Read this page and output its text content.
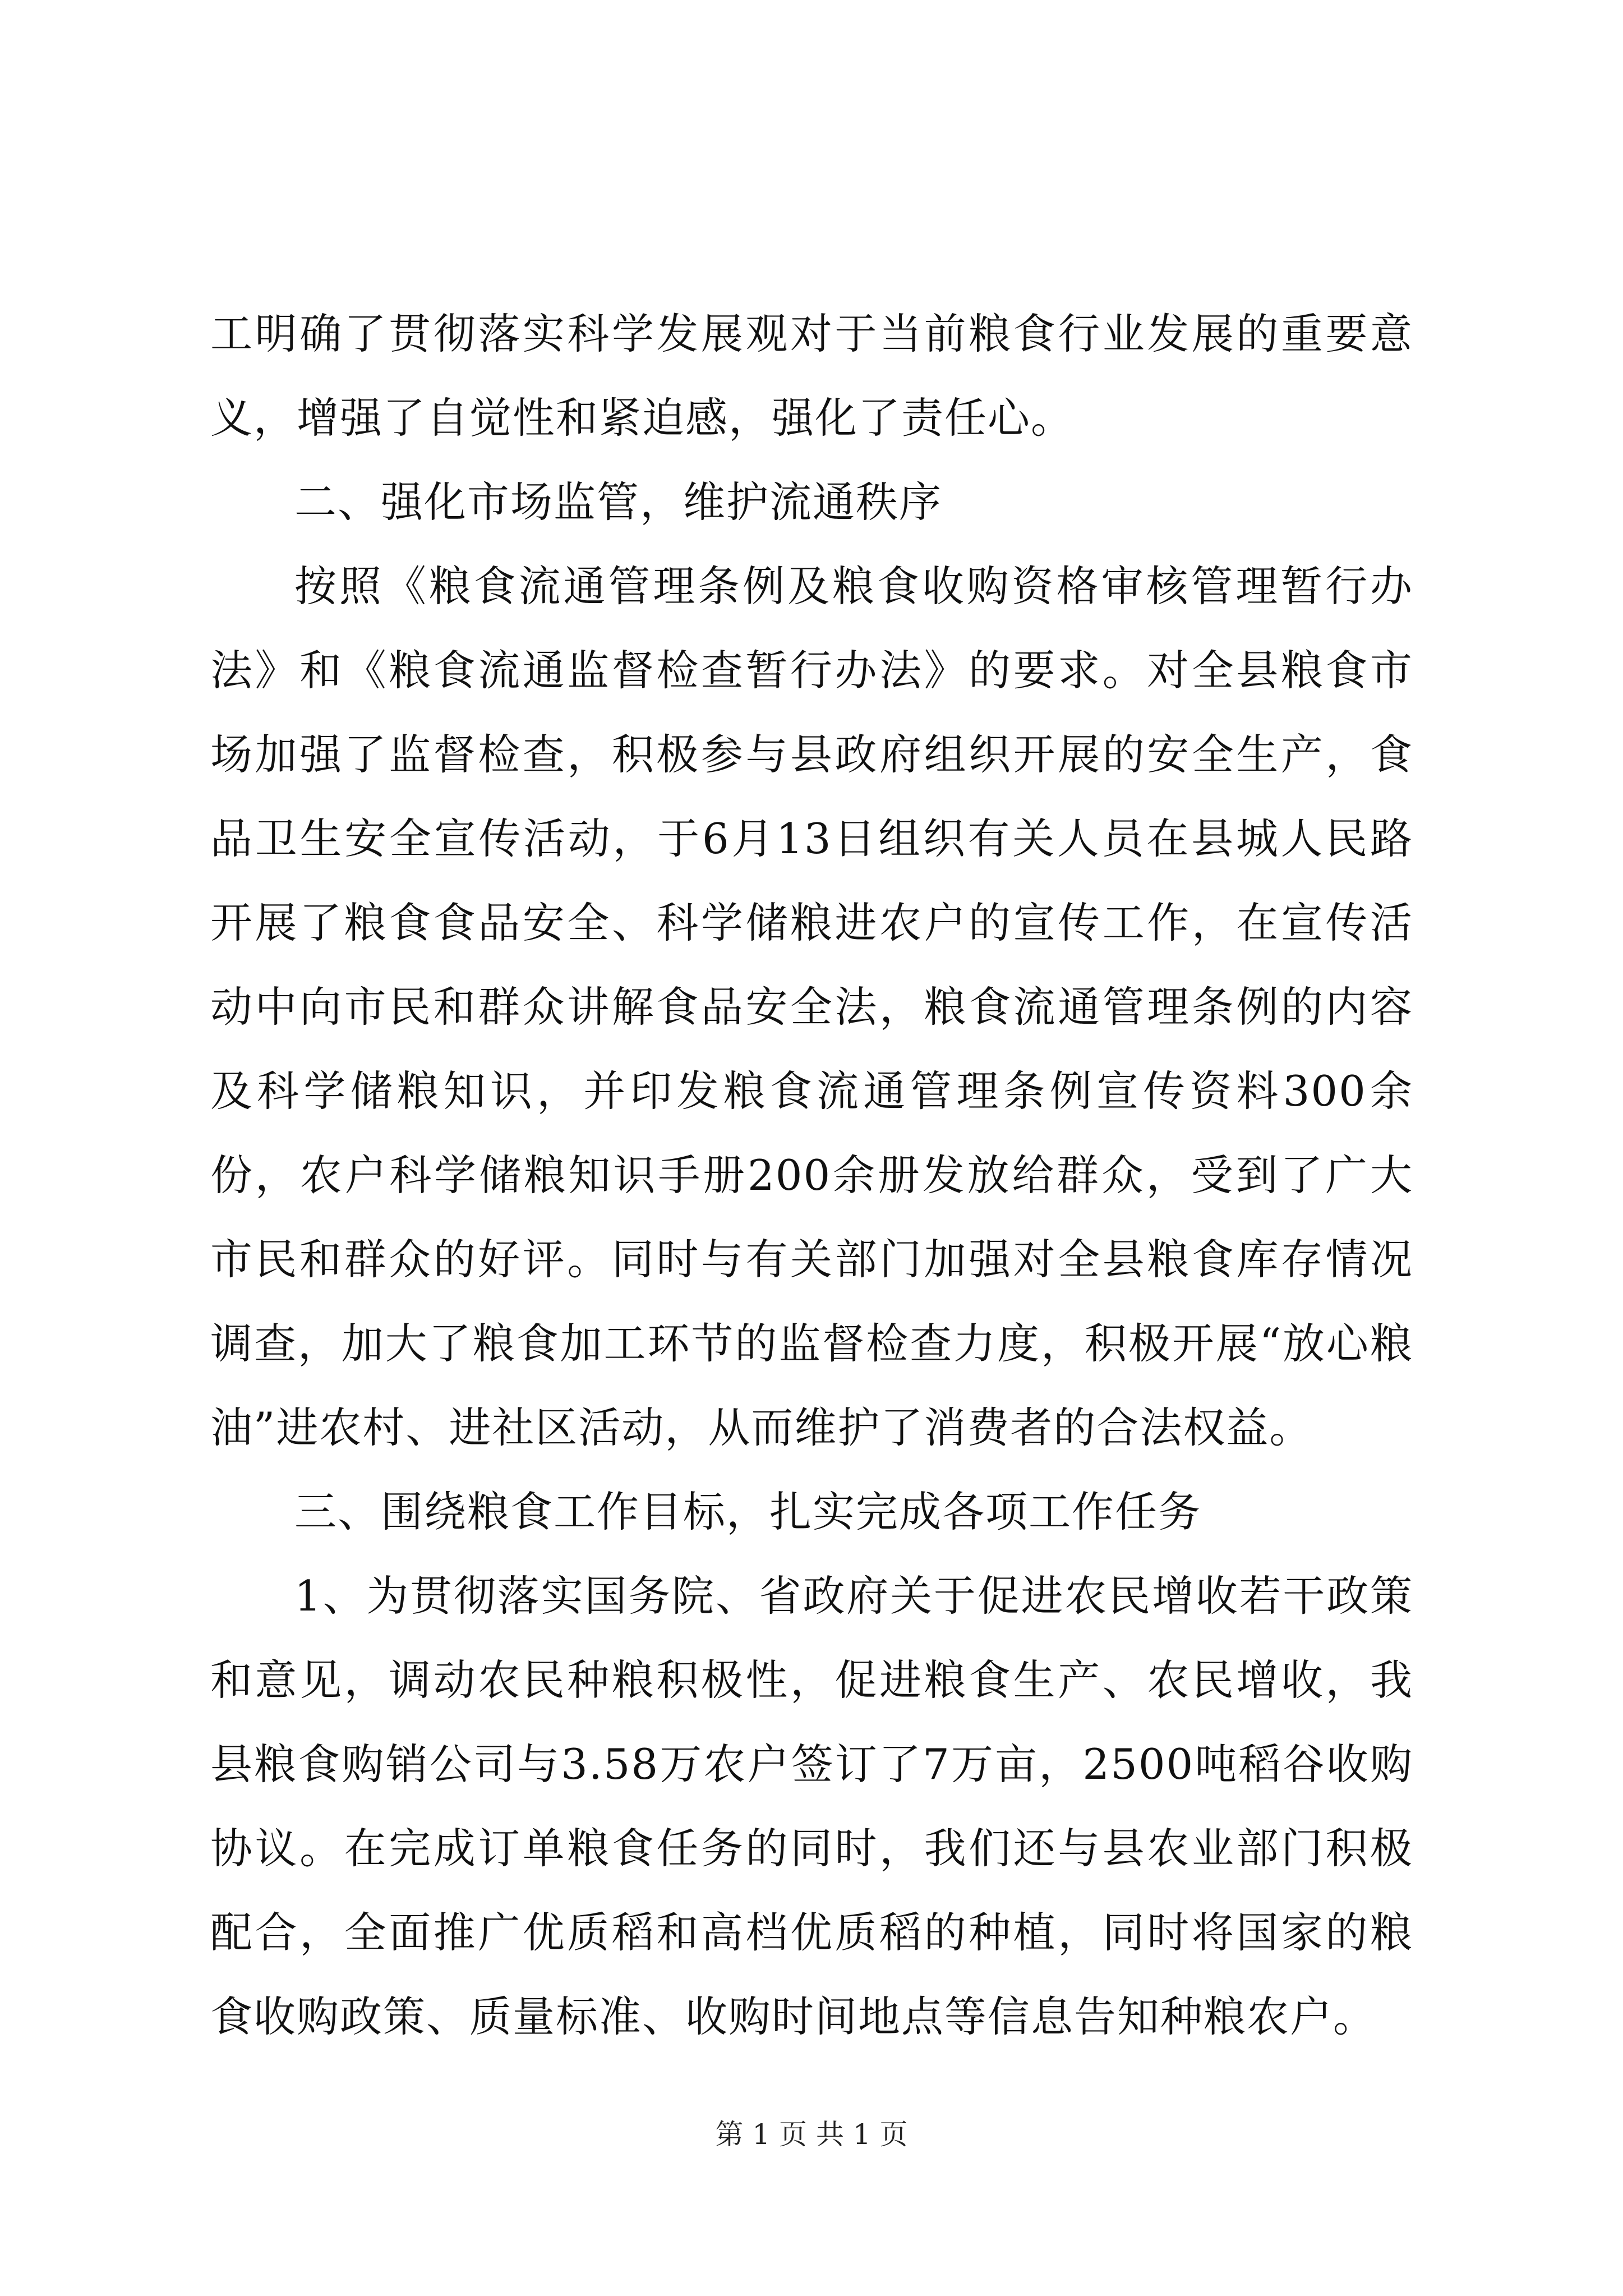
工明确了贯彻落实科学发展观对于当前粮食行业发展的重要意义，增强了自觉性和紧迫感，强化了责任心。

二、强化市场监管，维护流通秩序

按照《粮食流通管理条例及粮食收购资格审核管理暂行办法》和《粮食流通监督检查暂行办法》的要求。对全县粮食市场加强了监督检查，积极参与县政府组织开展的安全生产，食品卫生安全宣传活动，于6月13日组织有关人员在县城人民路开展了粮食食品安全、科学储粮进农户的宣传工作，在宣传活动中向市民和群众讲解食品安全法，粮食流通管理条例的内容及科学储粮知识，并印发粮食流通管理条例宣传资料300余份，农户科学储粮知识手册200余册发放给群众，受到了广大市民和群众的好评。同时与有关部门加强对全县粮食库存情况调查，加大了粮食加工环节的监督检查力度，积极开展“放心粮油”进农村、进社区活动，从而维护了消费者的合法权益。

三、围绕粮食工作目标，扎实完成各项工作任务

1、为贯彻落实国务院、省政府关于促进农民增收若干政策和意见，调动农民种粮积极性，促进粮食生产、农民增收，我县粮食购销公司与3.58万农户签订了7万亩，2500吨稻谷收购协议。在完成订单粮食任务的同时，我们还与县农业部门积极配合，全面推广优质稻和高档优质稻的种植，同时将国家的粮食收购政策、质量标准、收购时间地点等信息告知种粮农户。

第 1 页 共 1 页
